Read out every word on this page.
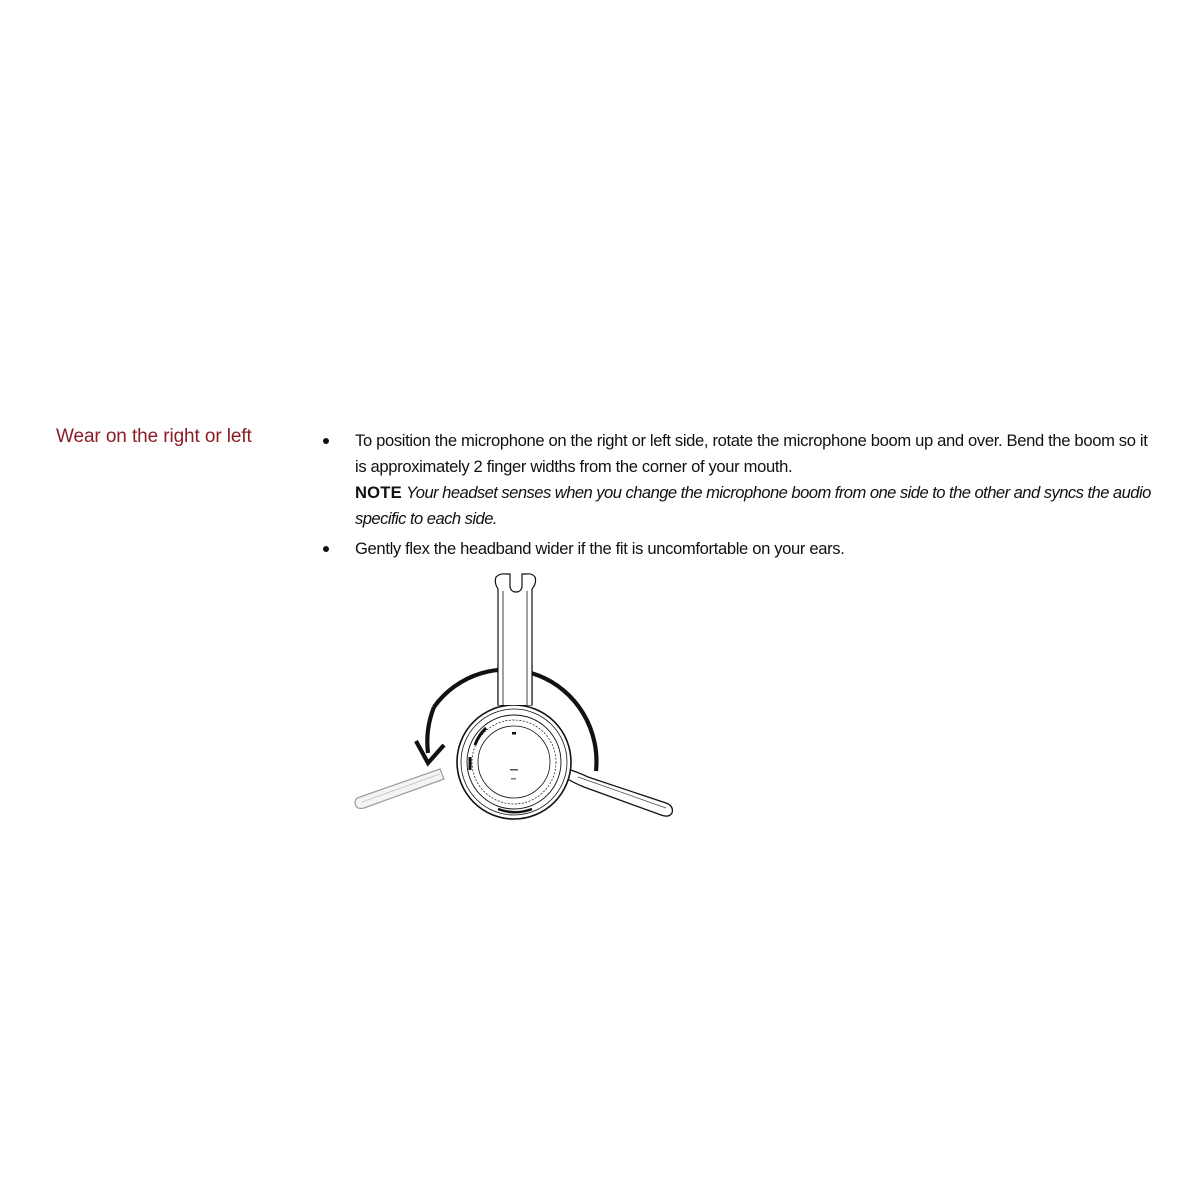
Wear on the right or left	To position the microphone on the right or left side, rotate the microphone boom up and over. Bend the boom so it is approximately 2 finger widths from the corner of your mouth.
NOTE Your headset senses when you change the microphone boom from one side to the other and syncs the audio specific to each side.
Gently flex the headband wider if the fit is uncomfortable on your ears.
